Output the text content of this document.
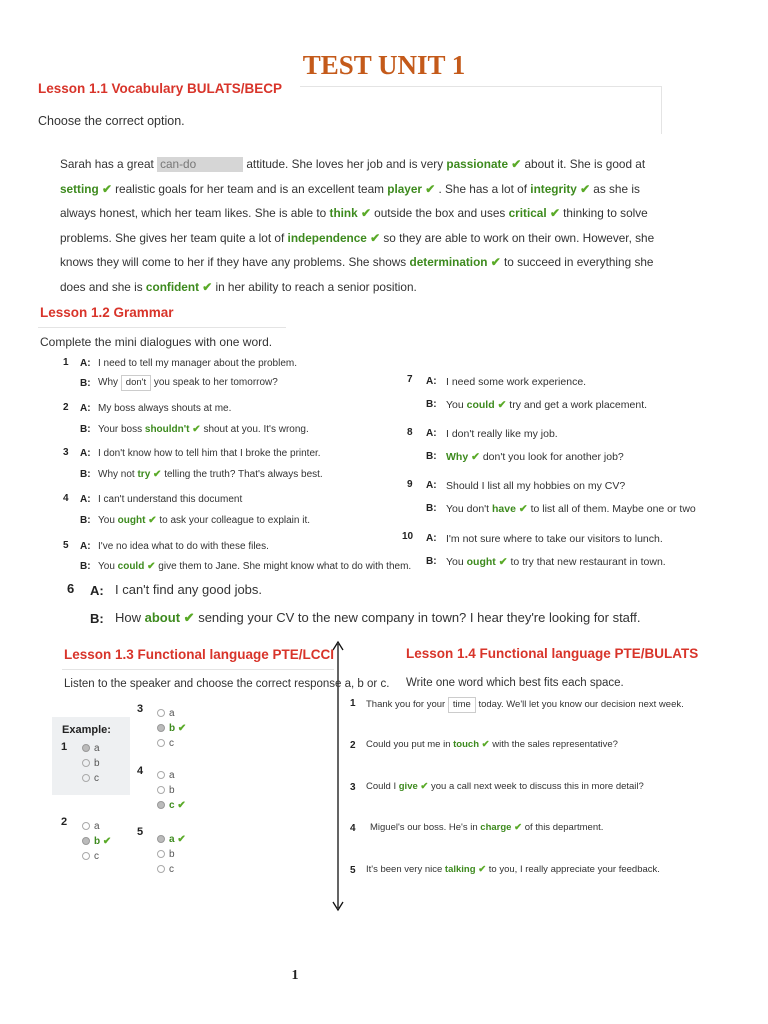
TEST UNIT 1
Lesson 1.1 Vocabulary BULATS/BECP
Choose the correct option.
Sarah has a great can-do	attitude. She loves her job and is very passionate ✔ about it. She is good at
setting ✔ realistic goals for her team and is an excellent team player ✔ . She has a lot of integrity ✔ as she is
always honest, which her team likes. She is able to think ✔ outside the box and uses critical ✔ thinking to solve
problems. She gives her team quite a lot of independence ✔ so they are able to work on their own. However, she
knows they will come to her if they have any problems. She shows determination ✔ to succeed in everything she
does and she is confident ✔ in her ability to reach a senior position.
Lesson 1.2 Grammar
Complete the mini dialogues with one word.
1 A: I need to tell my manager about the problem.
B: Why don't you speak to her tomorrow?
2 A: My boss always shouts at me.
B: Your boss shouldn't ✔ shout at you. It's wrong.
3 A: I don't know how to tell him that I broke the printer.
B: Why not try ✔ telling the truth? That's always best.
4 A: I can't understand this document
B: You ought ✔ to ask your colleague to explain it.
5 A: I've no idea what to do with these files.
B: You could ✔ give them to Jane. She might know what to do with them.
7 A: I need some work experience.
B: You could ✔ try and get a work placement.
8 A: I don't really like my job.
B: Why ✔ don't you look for another job?
9 A: Should I list all my hobbies on my CV?
B: You don't have ✔ to list all of them. Maybe one or two
10 A: I'm not sure where to take our visitors to lunch.
B: You ought ✔ to try that new restaurant in town.
6 A: I can't find any good jobs.
B: How about ✔ sending your CV to the new company in town? I hear they're looking for staff.
Lesson 1.3 Functional language PTE/LCCI
Listen to the speaker and choose the correct response a, b or c.
Example:
1	a
b
c
2	a
b ✔
c
3	a
b ✔
c
4	a
b
c ✔
5
a ✔
b
c
Lesson 1.4 Functional language PTE/BULATS
Write one word which best fits each space.
1 Thank you for your time today. We'll let you know our decision next week.
2 Could you put me in touch ✔ with the sales representative?
3 Could I give ✔ you a call next week to discuss this in more detail?
4 Miguel's our boss. He's in charge ✔ of this department.
5 It's been very nice talking ✔ to you, I really appreciate your feedback.
1
